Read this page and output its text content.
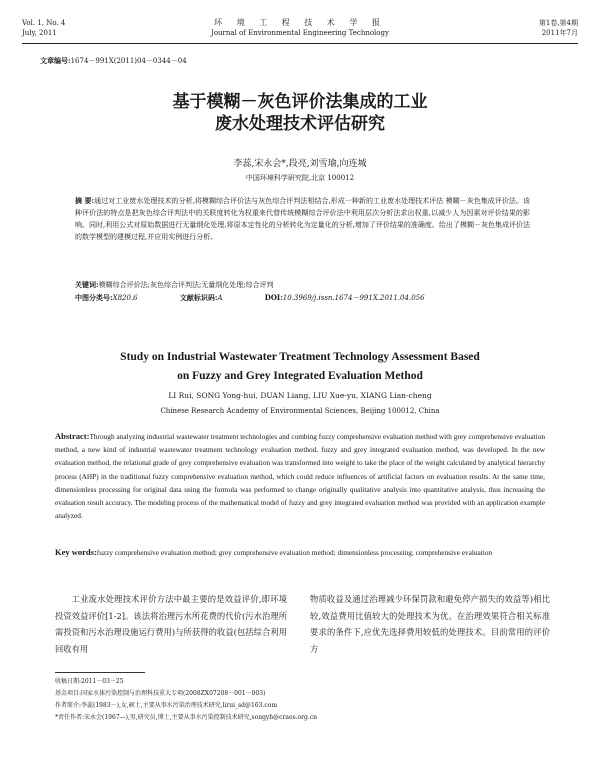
Vol. 1, No. 4
July, 2011
环 境 工 程 技 术 学 报
Journal of Environmental Engineering Technology
第1卷,第4期
2011年7月
文章编号:1674－991X(2011)04－0344－04
基于模糊－灰色评价法集成的工业
废水处理技术评估研究
李蕊,宋永会*,段亮,刘雪瑜,向连城
中国环境科学研究院,北京 100012
摘 要:通过对工业废水处理技术的分析,将模糊综合评价法与灰色综合评判法相结合,形成一种新的工业废水处理技术评估 模糊－灰色集成评价法。该种评价法的特点是把灰色综合评判法中的关联度转化为权重来代替传统模糊综合评价法中利用层次分析法求出权重,以减少人为因素对评价结果的影响。同时,利用公式对原始数据进行无量纲化处理,将原本定性化的分析转化为定量化的分析,增加了评价结果的准确度。给出了模糊－灰色集成评价法的数学模型的建模过程,并应用实例进行分析。
关键词:模糊综合评价法;灰色综合评判法;无量纲化处理;综合评判
中图分类号:X820.6	文献标识码:A	DOI:10.3969/j.issn.1674－991X.2011.04.056
Study on Industrial Wastewater Treatment Technology Assessment Based
on Fuzzy and Grey Integrated Evaluation Method
LI Rui, SONG Yong-hui, DUAN Liang, LIU Xue-yu, XIANG Lian-cheng
Chinese Research Academy of Environmental Sciences, Beijing 100012, China
Abstract:Through analyzing industrial wastewater treatment technologies and combing fuzzy comprehensive evaluation method with grey comprehensive evaluation method, a new kind of industrial wastewater treatment technology evaluation method, fuzzy and grey integrated evaluation method, was developed. In the new evaluation method, the relational grade of grey comprehensive evaluation was transformed into weight to take the place of the weight calculated by analytical hierarchy process (AHP) in the traditional fuzzy comprehensive evaluation method, which could reduce influences of artificial factors on evaluation results. At the same time, dimensionless processing for original data using the formula was performed to change originally qualitative analysis into quantitative analysis, thus increasing the evaluation result accuracy. The modeling process of the mathematical model of fuzzy and grey integrated evaluation method was provided with an application example analyzed.
Key words:fuzzy comprehensive evaluation method; grey comprehensive evaluation method; dimensionless processing; comprehensive evaluation
工业废水处理技术评价方法中最主要的是效益评价,即环境投资效益评价[1-2]。该法将治理污水所花费的代价(污水治理所需投资和污水治理设施运行费用)与所获得的收益(包括综合利用回收有用
物质收益及通过治理减少环保罚款和避免停产损失的效益等)相比较,效益费用比值较大的处理技术为优。在治理效果符合相关标准要求的条件下,应优先选择费用较低的处理技术。目前常用的评价方
收稿日期:2011－03－25
基金项目:国家水体污染控制与治理科技重大专项(2008ZX07208－001－003)
作者简介:李蕊(1983－),女,硕士,主要从事水污染治理技术研究,lirui_sd@163.com
*责任作者:宋永会(1967—),男,研究员,博士,主要从事水污染控制技术研究,songyh@craes.org.cn
